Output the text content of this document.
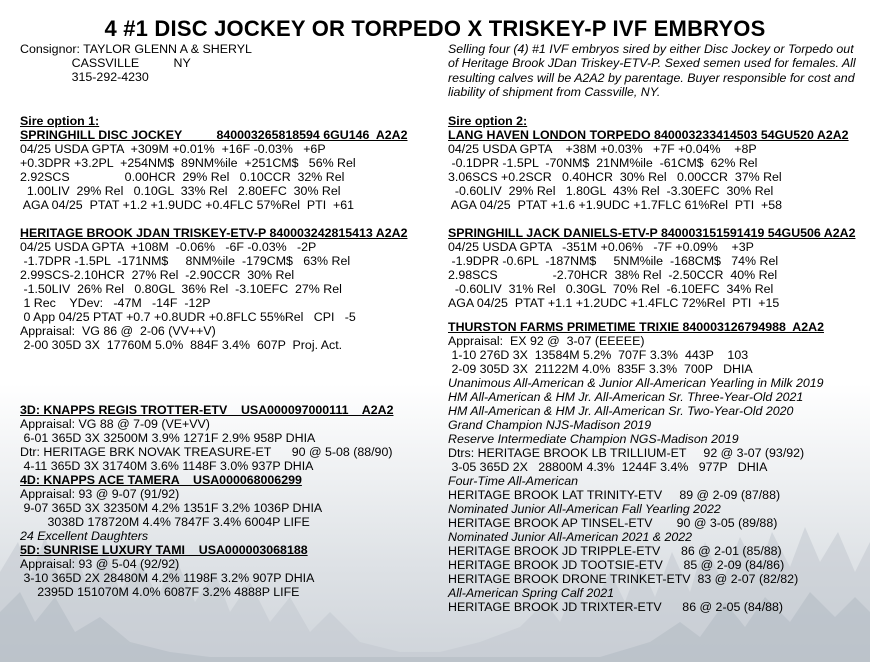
4 #1 DISC JOCKEY OR TORPEDO X TRISKEY-P IVF EMBRYOS
Consignor: TAYLOR GLENN A & SHERYL
CASSVILLE          NY
315-292-4230
Sire option 1:
SPRINGHILL DISC JOCKEY          840003265818594 6GU146  A2A2
04/25 USDA GPTA  +309M +0.01%  +16F -0.03%   +6P
+0.3DPR +3.2PL  +254NM$  89NM%ile  +251CM$   56% Rel
2.92SCS                0.00HCR  29% Rel   0.10CCR  32% Rel
1.00LIV  29% Rel   0.10GL  33% Rel   2.80EFC  30% Rel
AGA 04/25  PTAT +1.2 +1.9UDC +0.4FLC 57%Rel  PTI  +61
HERITAGE BROOK JDAN TRISKEY-ETV-P 840003242815413 A2A2
04/25 USDA GPTA  +108M  -0.06%   -6F -0.03%   -2P
-1.7DPR -1.5PL  -171NM$     8NM%ile  -179CM$   63% Rel
2.99SCS-2.10HCR  27% Rel  -2.90CCR  30% Rel
-1.50LIV  26% Rel   0.80GL  36% Rel  -3.10EFC  27% Rel
1 Rec    YDev:   -47M   -14F  -12P
0 App 04/25 PTAT +0.7 +0.8UDR +0.8FLC 55%Rel   CPI   -5
Appraisal:  VG 86 @  2-06 (VV++V)
2-00 305D 3X  17760M 5.0%  884F 3.4%  607P  Proj. Act.
3D: KNAPPS REGIS TROTTER-ETV    USA000097000111    A2A2
Appraisal: VG 88 @ 7-09 (VE+VV)
6-01 365D 3X 32500M 3.9% 1271F 2.9% 958P DHIA
Dtr: HERITAGE BRK NOVAK TREASURE-ET      90 @ 5-08 (88/90)
4-11 365D 3X 31740M 3.6% 1148F 3.0% 937P DHIA
4D: KNAPPS ACE TAMERA    USA000068006299
Appraisal: 93 @ 9-07 (91/92)
9-07 365D 3X 32350M 4.2% 1351F 3.2% 1036P DHIA
3038D 178720M 4.4% 7847F 3.4% 6004P LIFE
24 Excellent Daughters
5D: SUNRISE LUXURY TAMI    USA000003068188
Appraisal: 93 @ 5-04 (92/92)
3-10 365D 2X 28480M 4.2% 1198F 3.2% 907P DHIA
2395D 151070M 4.0% 6087F 3.2% 4888P LIFE
Selling four (4) #1 IVF embryos sired by either Disc Jockey or Torpedo out of Heritage Brook JDan Triskey-ETV-P. Sexed semen used for females. All resulting calves will be A2A2 by parentage. Buyer responsible for cost and liability of shipment from Cassville, NY.
Sire option 2:
LANG HAVEN LONDON TORPEDO 840003233414503 54GU520 A2A2
04/25 USDA GPTA    +38M +0.03%   +7F +0.04%    +8P
-0.1DPR -1.5PL  -70NM$  21NM%ile  -61CM$  62% Rel
3.06SCS +0.2SCR   0.40HCR  30% Rel   0.00CCR  37% Rel
-0.60LIV  29% Rel   1.80GL  43% Rel  -3.30EFC  30% Rel
AGA 04/25  PTAT +1.6 +1.9UDC +1.7FLC 61%Rel  PTI  +58
SPRINGHILL JACK DANIELS-ETV-P 840003151591419 54GU506 A2A2
04/25 USDA GPTA   -351M +0.06%   -7F +0.09%    +3P
-1.9DPR -0.6PL  -187NM$     5NM%ile  -168CM$   74% Rel
2.98SCS                -2.70HCR  38% Rel  -2.50CCR  40% Rel
-0.60LIV  31% Rel   0.30GL  70% Rel  -6.10EFC  34% Rel
AGA 04/25  PTAT +1.1 +1.2UDC +1.4FLC 72%Rel  PTI  +15
THURSTON FARMS PRIMETIME TRIXIE 840003126794988  A2A2
Appraisal:  EX 92 @  3-07 (EEEEE)
1-10 276D 3X  13584M 5.2%  707F 3.3%  443P    103
2-09 305D 3X  21122M 4.0%  835F 3.3%  700P   DHIA
Unanimous All-American & Junior All-American Yearling in Milk 2019
HM All-American & HM Jr. All-American Sr. Three-Year-Old 2021
HM All-American & HM Jr. All-American Sr. Two-Year-Old 2020
Grand Champion NJS-Madison 2019
Reserve Intermediate Champion NGS-Madison 2019
Dtrs: HERITAGE BROOK LB TRILLIUM-ET     92 @ 3-07 (93/92)
3-05 365D 2X   28800M 4.3%  1244F 3.4%   977P   DHIA
Four-Time All-American
HERITAGE BROOK LAT TRINITY-ETV     89 @ 2-09 (87/88)
Nominated Junior All-American Fall Yearling 2022
HERITAGE BROOK AP TINSEL-ETV       90 @ 3-05 (89/88)
Nominated Junior All-American 2021 & 2022
HERITAGE BROOK JD TRIPPLE-ETV      86 @ 2-01 (85/88)
HERITAGE BROOK JD TOOTSIE-ETV      85 @ 2-09 (84/86)
HERITAGE BROOK DRONE TRINKET-ETV  83 @ 2-07 (82/82)
All-American Spring Calf 2021
HERITAGE BROOK JD TRIXTER-ETV      86 @ 2-05 (84/88)
